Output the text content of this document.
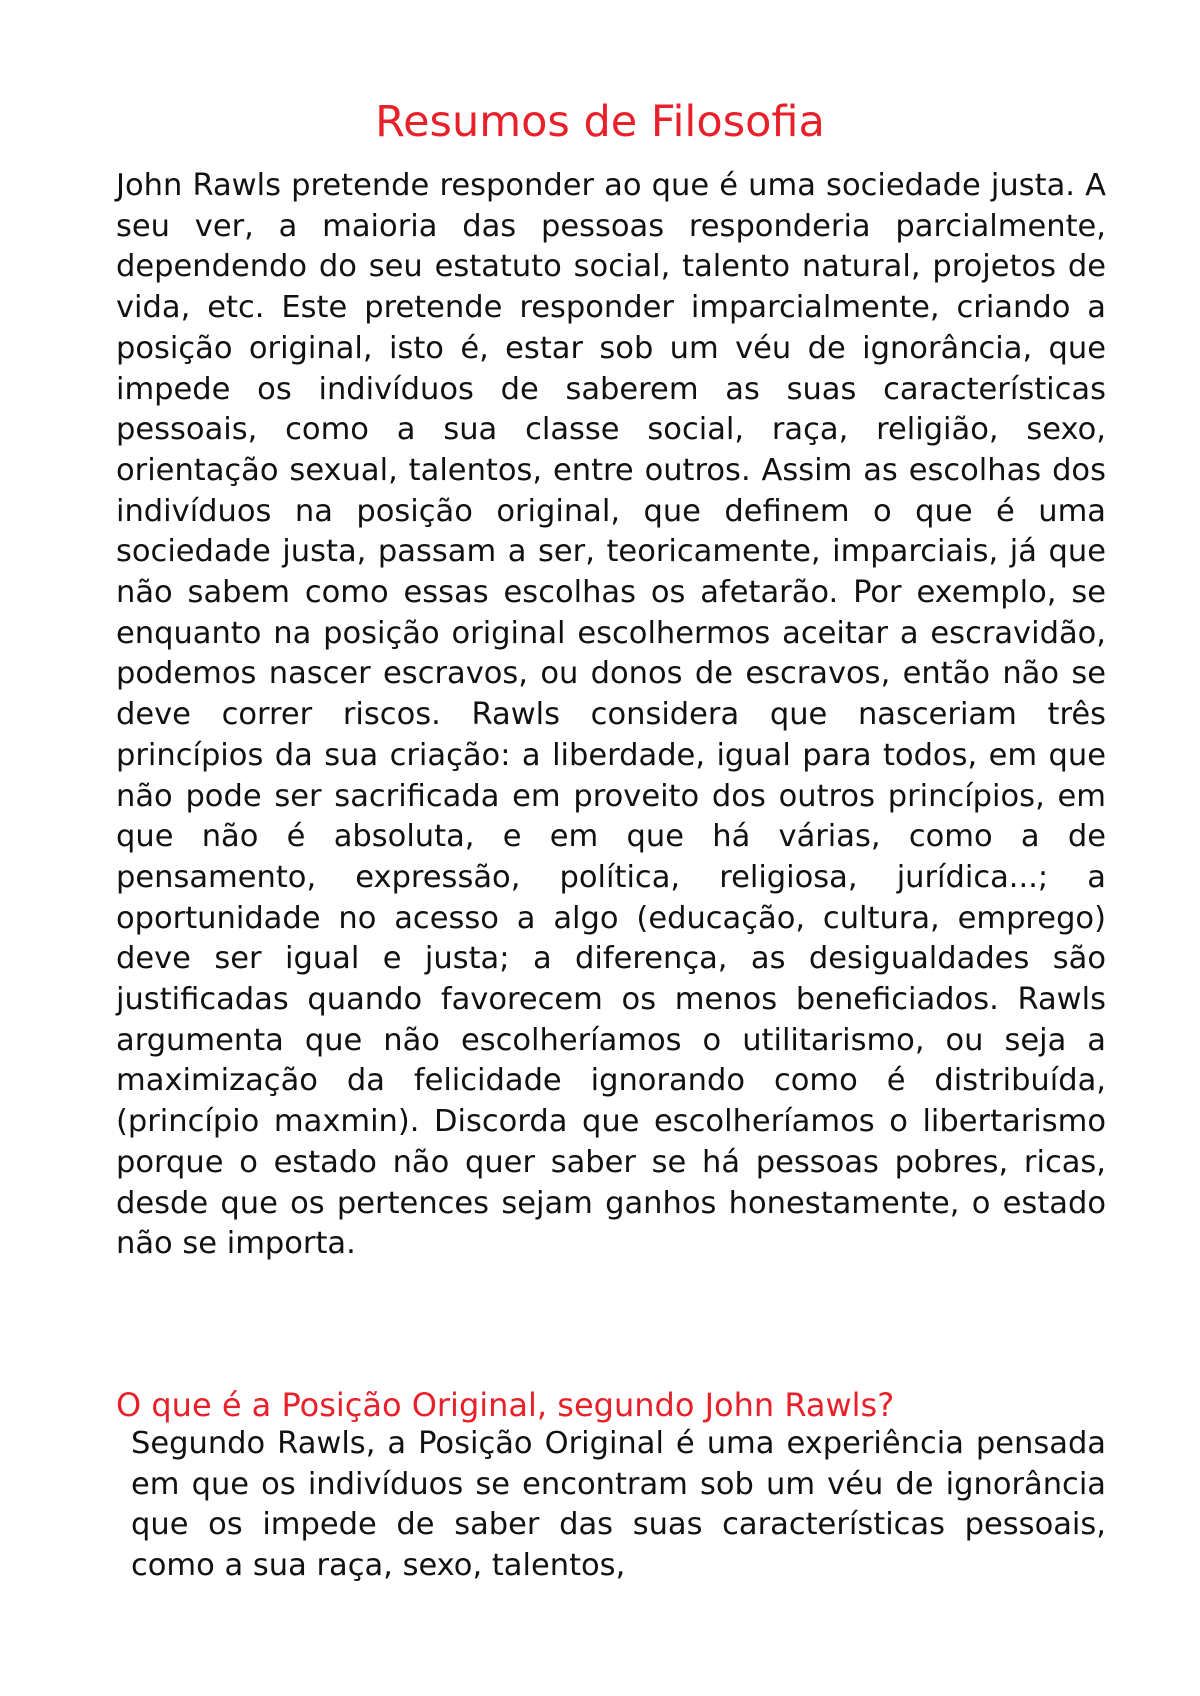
Resumos de Filosofia

John Rawls pretende responder ao que é uma sociedade justa. A seu ver, a maioria das pessoas responderia parcialmente, dependendo do seu estatuto social, talento natural, projetos de vida, etc. Este pretende responder imparcialmente, criando a posição original, isto é, estar sob um véu de ignorância, que impede os indivíduos de saberem as suas características pessoais, como a sua classe social, raça, religião, sexo, orientação sexual, talentos, entre outros. Assim as escolhas dos indivíduos na posição original, que definem o que é uma sociedade justa, passam a ser, teoricamente, imparciais, já que não sabem como essas escolhas os afetarão. Por exemplo, se enquanto na posição original escolhermos aceitar a escravidão, podemos nascer escravos, ou donos de escravos, então não se deve correr riscos. Rawls considera que nasceriam três princípios da sua criação: a liberdade, igual para todos, em que não pode ser sacrificada em proveito dos outros princípios, em que não é absoluta, e em que há várias, como a de pensamento, expressão, política, religiosa, jurídica...; a oportunidade no acesso a algo (educação, cultura, emprego) deve ser igual e justa; a diferença, as desigualdades são justificadas quando favorecem os menos beneficiados. Rawls argumenta que não escolheríamos o utilitarismo, ou seja a maximização da felicidade ignorando como é distribuída, (princípio maxmin). Discorda que escolheríamos o libertarismo porque o estado não quer saber se há pessoas pobres, ricas, desde que os pertences sejam ganhos honestamente, o estado não se importa.

O que é a Posição Original, segundo John Rawls?

Segundo Rawls, a Posição Original é uma experiência pensada em que os indivíduos se encontram sob um véu de ignorância que os impede de saber das suas características pessoais, como a sua raça, sexo, talentos,
